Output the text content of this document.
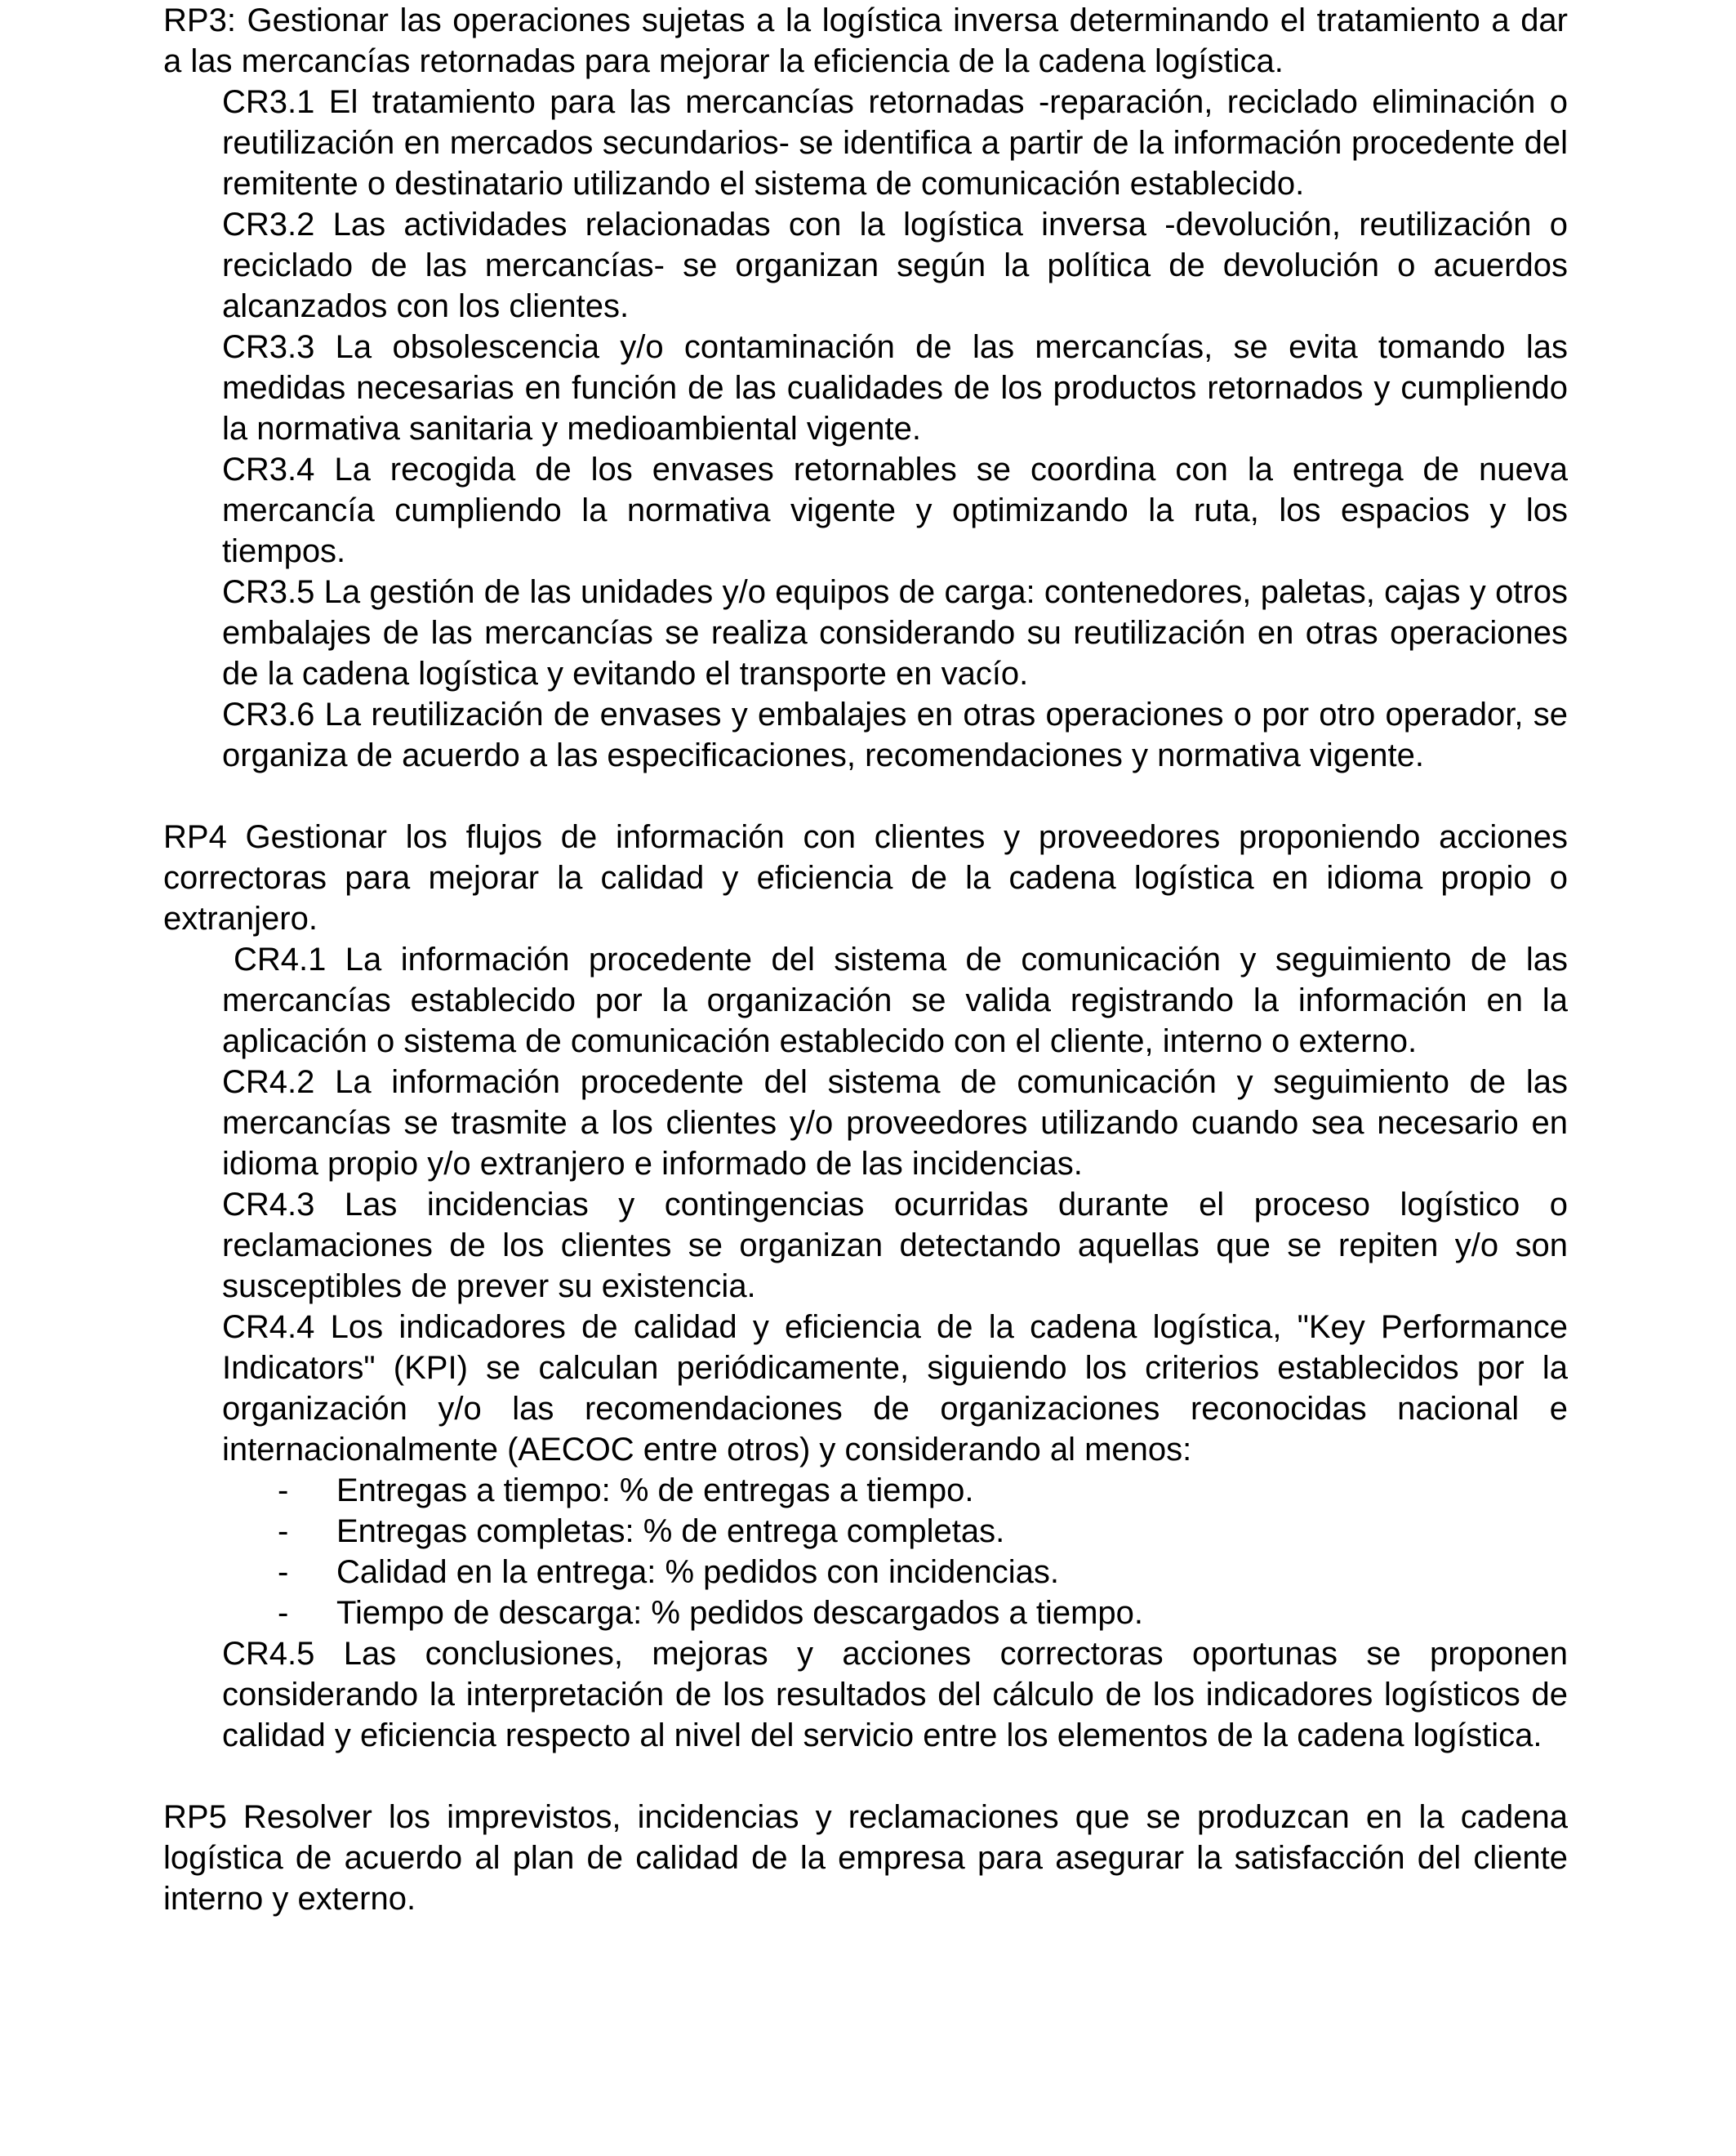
RP3: Gestionar las operaciones sujetas a la logística inversa determinando el tratamiento a dar a las mercancías retornadas para mejorar la eficiencia de la cadena logística.

CR3.1 El tratamiento para las mercancías retornadas -reparación, reciclado eliminación o reutilización en mercados secundarios- se identifica a partir de la información procedente del remitente o destinatario utilizando el sistema de comunicación establecido.

CR3.2 Las actividades relacionadas con la logística inversa -devolución, reutilización o reciclado de las mercancías- se organizan según la política de devolución o acuerdos alcanzados con los clientes.

CR3.3 La obsolescencia y/o contaminación de las mercancías, se evita tomando las medidas necesarias en función de las cualidades de los productos retornados y cumpliendo la normativa sanitaria y medioambiental vigente.

CR3.4 La recogida de los envases retornables se coordina con la entrega de nueva mercancía cumpliendo la normativa vigente y optimizando la ruta, los espacios y los tiempos.

CR3.5 La gestión de las unidades y/o equipos de carga: contenedores, paletas, cajas y otros embalajes de las mercancías se realiza considerando su reutilización en otras operaciones de la cadena logística y evitando el transporte en vacío.

CR3.6 La reutilización de envases y embalajes en otras operaciones o por otro operador, se organiza de acuerdo a las especificaciones, recomendaciones y normativa vigente.

RP4 Gestionar los flujos de información con clientes y proveedores proponiendo acciones correctoras para mejorar la calidad y eficiencia de la cadena logística en idioma propio o extranjero.

CR4.1 La información procedente del sistema de comunicación y seguimiento de las mercancías establecido por la organización se valida registrando la información en la aplicación o sistema de comunicación establecido con el cliente, interno o externo.

CR4.2 La información procedente del sistema de comunicación y seguimiento de las mercancías se trasmite a los clientes y/o proveedores utilizando cuando sea necesario en idioma propio y/o extranjero e informado de las incidencias.

CR4.3 Las incidencias y contingencias ocurridas durante el proceso logístico o reclamaciones de los clientes se organizan detectando aquellas que se repiten y/o son susceptibles de prever su existencia.

CR4.4 Los indicadores de calidad y eficiencia de la cadena logística, "Key Performance Indicators" (KPI) se calculan periódicamente, siguiendo los criterios establecidos por la organización y/o las recomendaciones de organizaciones reconocidas nacional e internacionalmente (AECOC entre otros) y considerando al menos:

- Entregas a tiempo: % de entregas a tiempo.
- Entregas completas: % de entrega completas.
- Calidad en la entrega: % pedidos con incidencias.
- Tiempo de descarga: % pedidos descargados a tiempo.

CR4.5 Las conclusiones, mejoras y acciones correctoras oportunas se proponen considerando la interpretación de los resultados del cálculo de los indicadores logísticos de calidad y eficiencia respecto al nivel del servicio entre los elementos de la cadena logística.

RP5 Resolver los imprevistos, incidencias y reclamaciones que se produzcan en la cadena logística de acuerdo al plan de calidad de la empresa para asegurar la satisfacción del cliente interno y externo.
